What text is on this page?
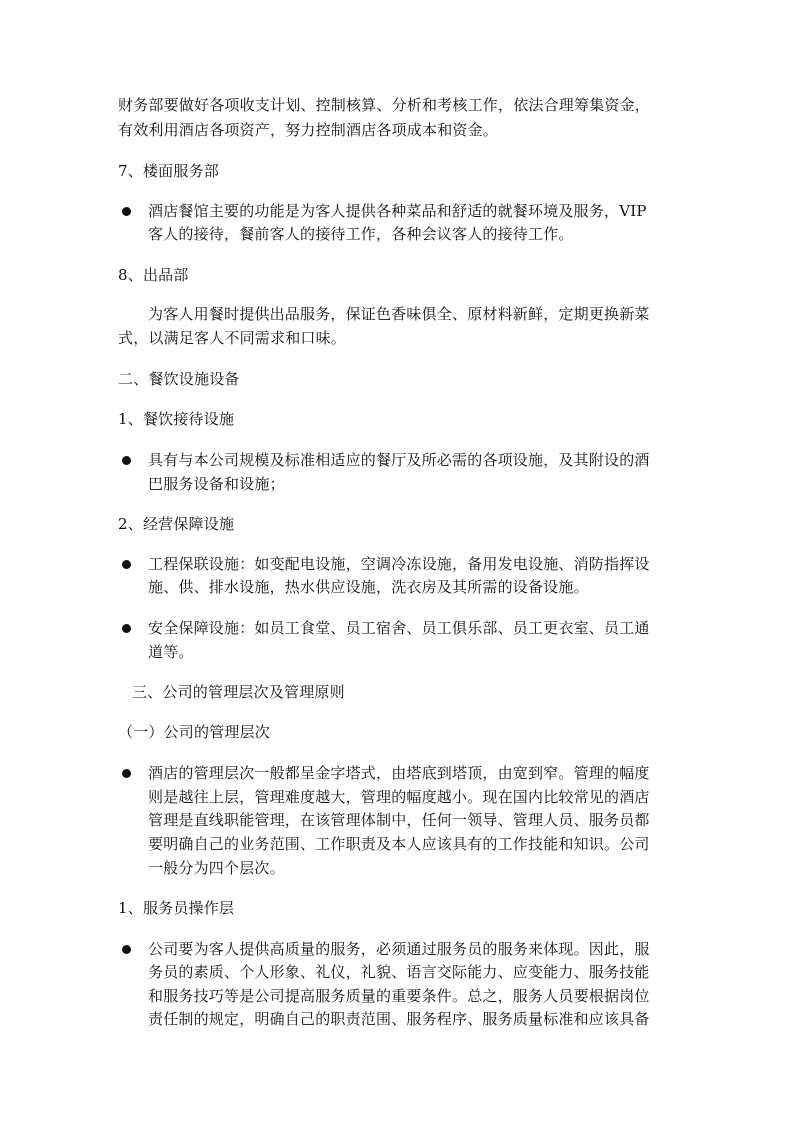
财务部要做好各项收支计划、控制核算、分析和考核工作，依法合理筹集资金，
有效利用酒店各项资产，努力控制酒店各项成本和资金。
7、楼面服务部
酒店餐馆主要的功能是为客人提供各种菜品和舒适的就餐环境及服务，VIP
客人的接待，餐前客人的接待工作，各种会议客人的接待工作。
8、出品部
为客人用餐时提供出品服务，保证色香味俱全、原材料新鲜，定期更换新菜
式，以满足客人不同需求和口味。
二、餐饮设施设备
1、餐饮接待设施
具有与本公司规模及标准相适应的餐厅及所必需的各项设施，及其附设的酒
巴服务设备和设施；
2、经营保障设施
工程保联设施：如变配电设施，空调冷冻设施，备用发电设施、消防指挥设
施、供、排水设施，热水供应设施，洗衣房及其所需的设备设施。
安全保障设施：如员工食堂、员工宿舍、员工俱乐部、员工更衣室、员工通
道等。
三、公司的管理层次及管理原则
（一）公司的管理层次
酒店的管理层次一般都呈金字塔式，由塔底到塔顶，由宽到窄。管理的幅度
则是越往上层，管理难度越大，管理的幅度越小。现在国内比较常见的酒店
管理是直线职能管理，在该管理体制中，任何一领导、管理人员、服务员都
要明确自己的业务范围、工作职责及本人应该具有的工作技能和知识。公司
一般分为四个层次。
1、服务员操作层
公司要为客人提供高质量的服务，必须通过服务员的服务来体现。因此，服
务员的素质、个人形象、礼仪，礼貌、语言交际能力、应变能力、服务技能
和服务技巧等是公司提高服务质量的重要条件。总之，服务人员要根据岗位
责任制的规定，明确自己的职责范围、服务程序、服务质量标准和应该具备
